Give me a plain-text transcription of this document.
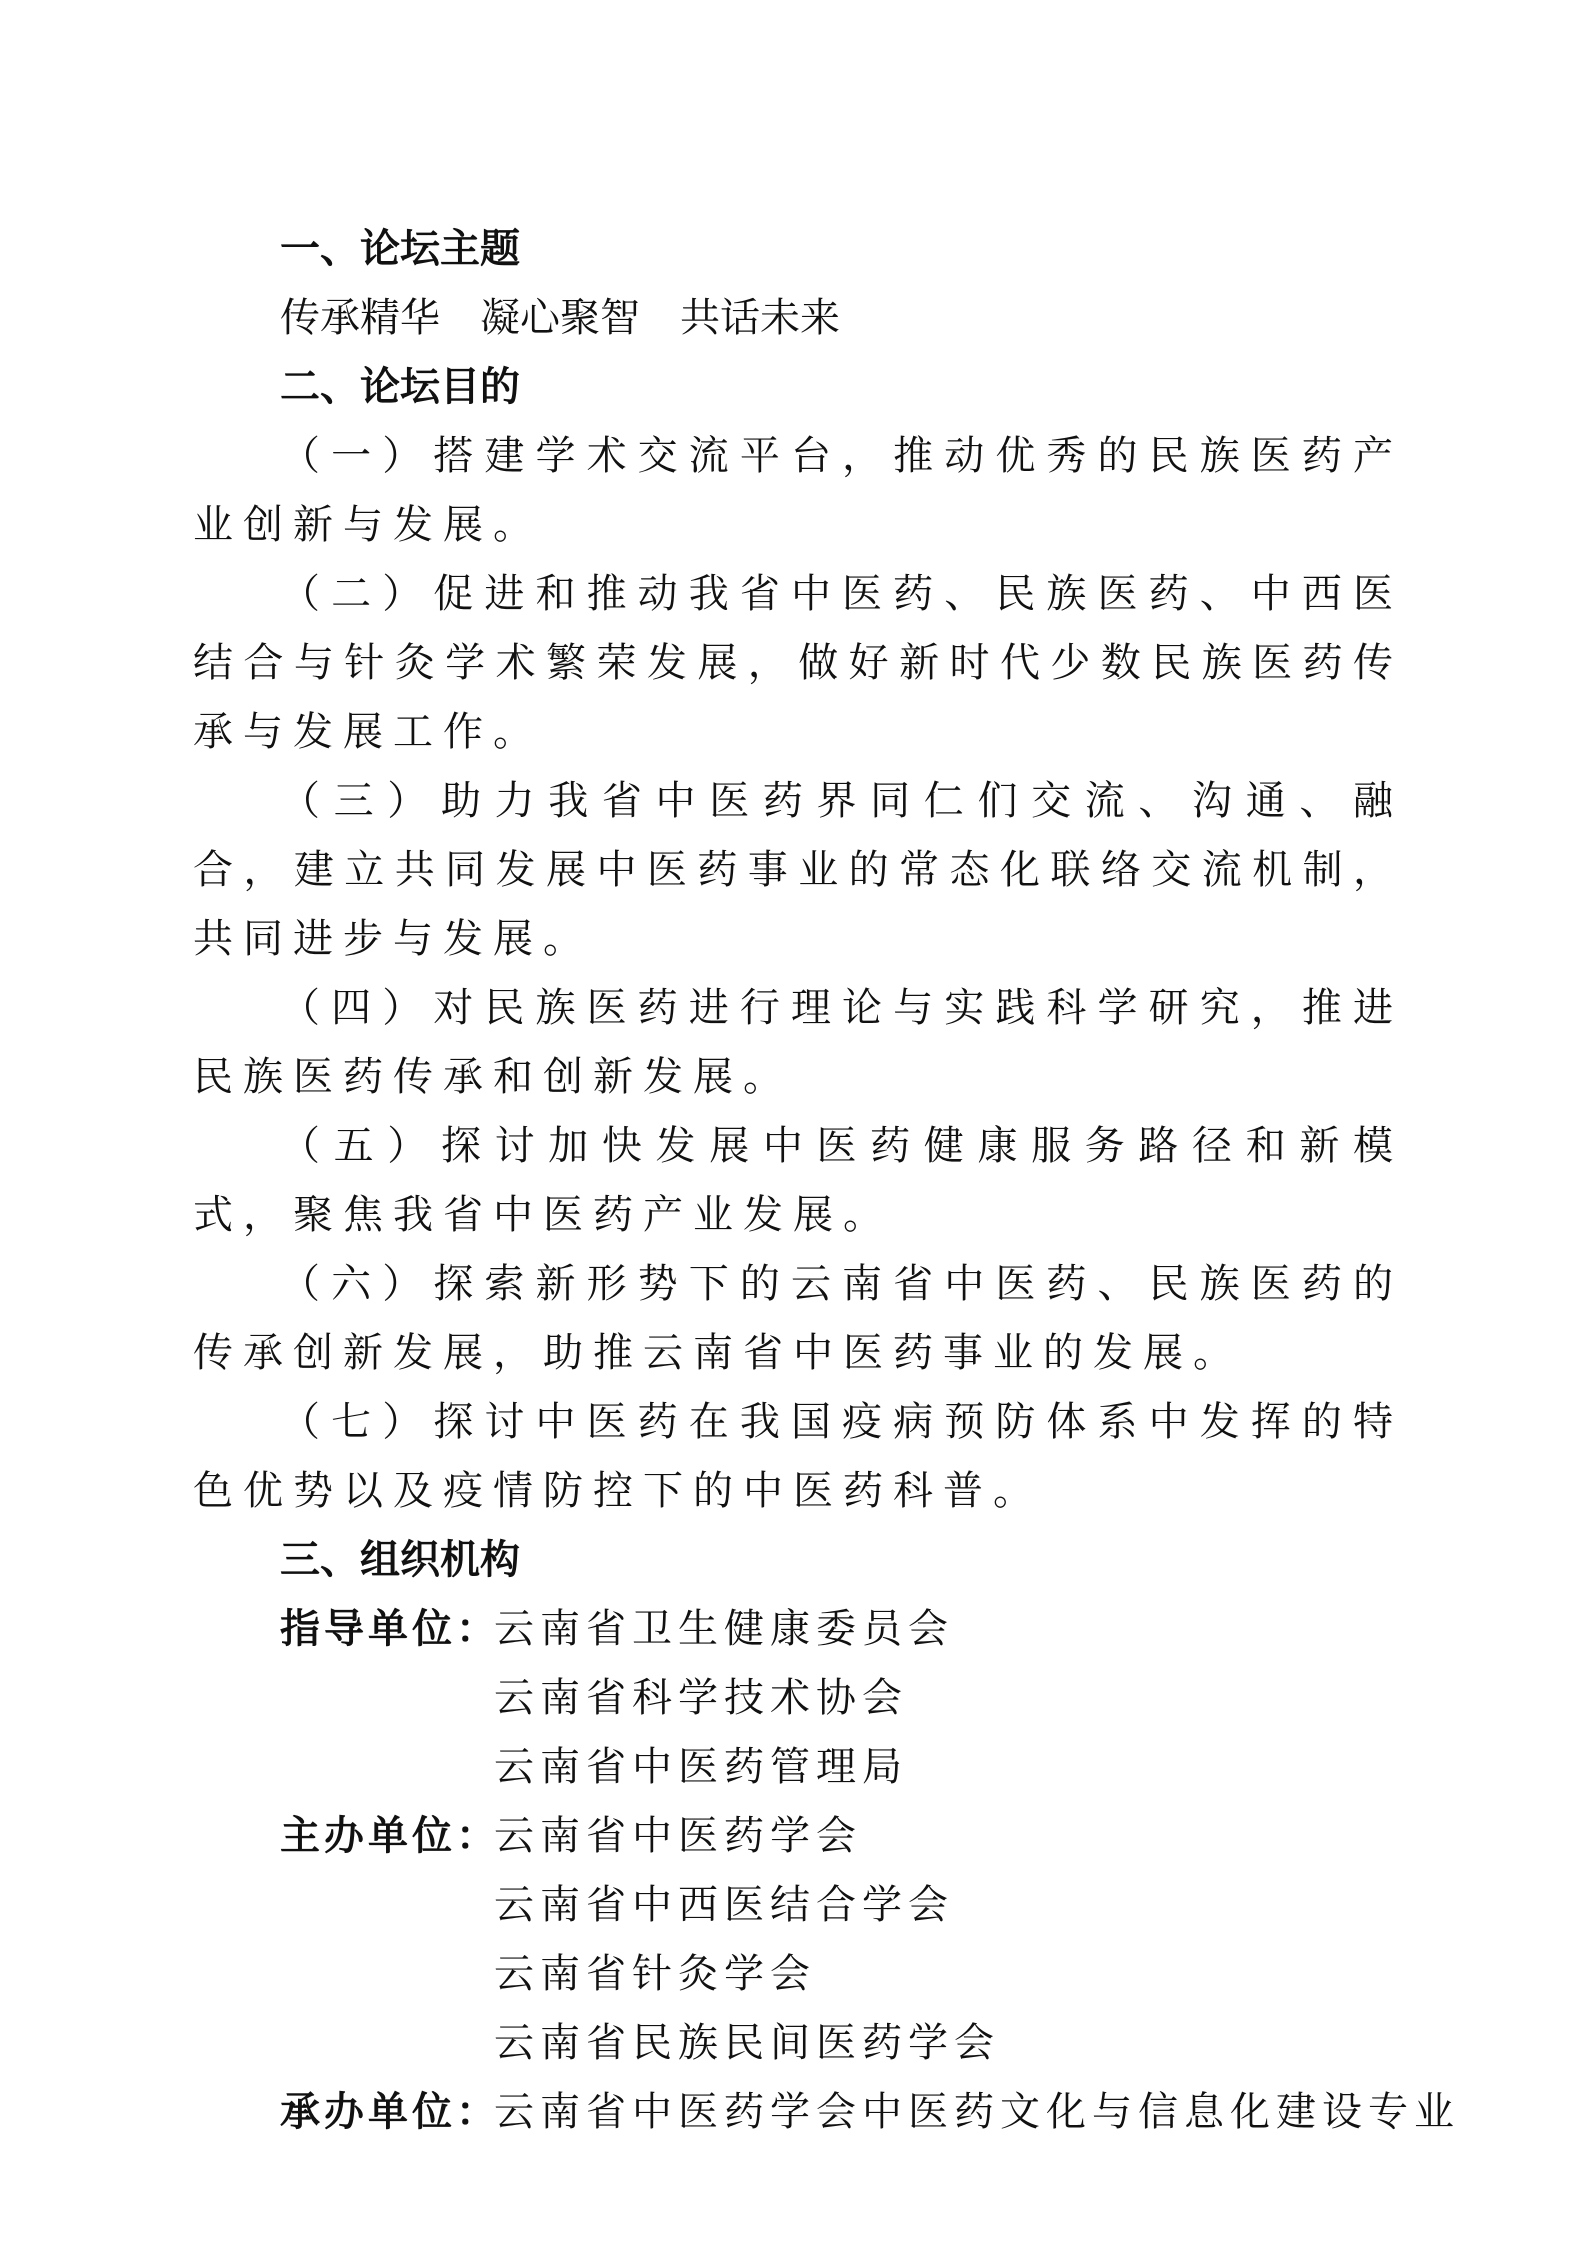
一、论坛主题
传承精华　凝心聚智　共话未来
二、论坛目的
（一）搭建学术交流平台，推动优秀的民族医药产业创新与发展。
（二）促进和推动我省中医药、民族医药、中西医结合与针灸学术繁荣发展，做好新时代少数民族医药传承与发展工作。
（三）助力我省中医药界同仁们交流、沟通、融合，建立共同发展中医药事业的常态化联络交流机制，共同进步与发展。
（四）对民族医药进行理论与实践科学研究，推进民族医药传承和创新发展。
（五）探讨加快发展中医药健康服务路径和新模式，聚焦我省中医药产业发展。
（六）探索新形势下的云南省中医药、民族医药的传承创新发展，助推云南省中医药事业的发展。
（七）探讨中医药在我国疫病预防体系中发挥的特色优势以及疫情防控下的中医药科普。
三、组织机构
指导单位：
云南省卫生健康委员会
云南省科学技术协会
云南省中医药管理局
主办单位：
云南省中医药学会
云南省中西医结合学会
云南省针灸学会
云南省民族民间医药学会
承办单位：
云南省中医药学会中医药文化与信息化建设专业
